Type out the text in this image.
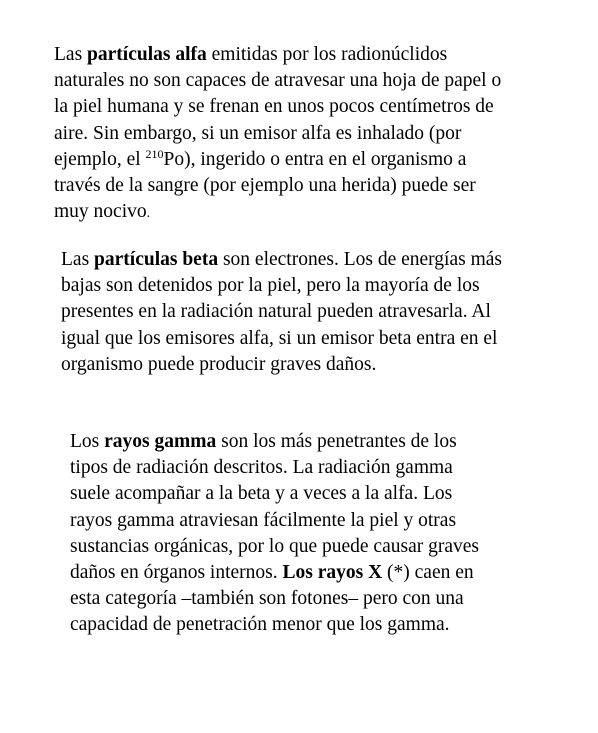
Las partículas alfa emitidas por los radionúclidos
naturales no son capaces de atravesar una hoja de papel o
la piel humana y se frenan en unos pocos centímetros de
aire. Sin embargo, si un emisor alfa es inhalado (por
ejemplo, el $^{210}$Po), ingerido o entra en el organismo a
través de la sangre (por ejemplo una herida) puede ser
muy nocivo.
Las partículas beta son electrones. Los de energías más
bajas son detenidos por la piel, pero la mayoría de los
presentes en la radiación natural pueden atravesarla. Al
igual que los emisores alfa, si un emisor beta entra en el
organismo puede producir graves daños.
Los rayos gamma son los más penetrantes de los
tipos de radiación descritos. La radiación gamma
suele acompañar a la beta y a veces a la alfa. Los
rayos gamma atraviesan fácilmente la piel y otras
sustancias orgánicas, por lo que puede causar graves
daños en órganos internos. Los rayos X (*) caen en
esta categoría –también son fotones– pero con una
capacidad de penetración menor que los gamma.
